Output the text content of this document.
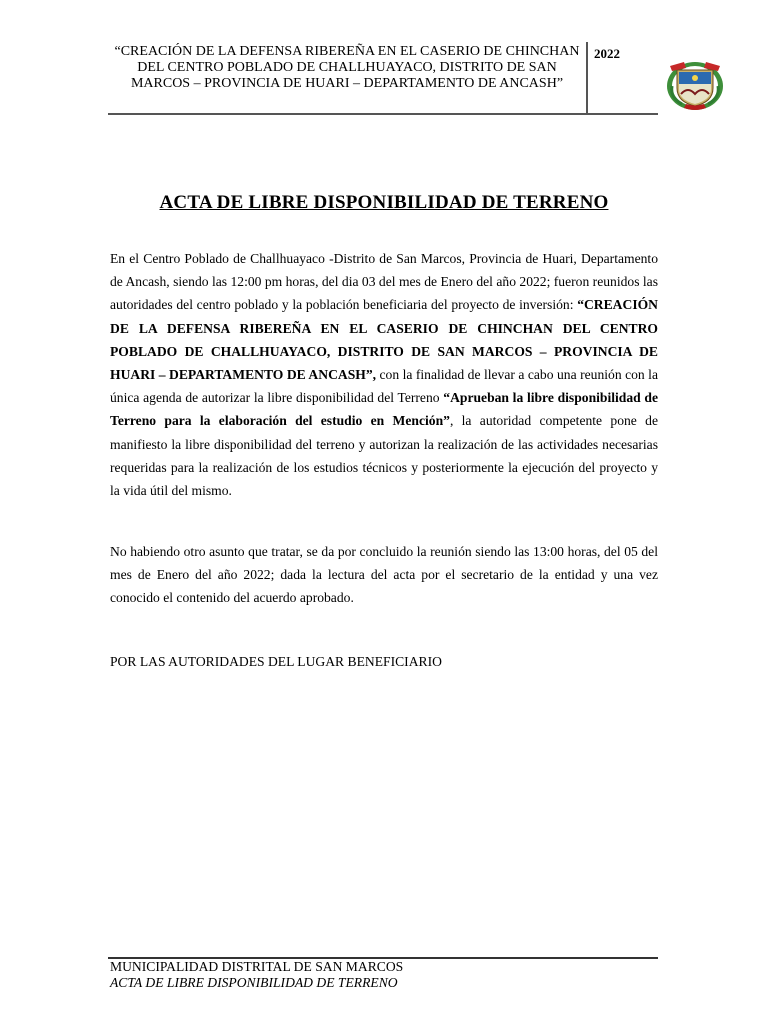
“CREACIÓN DE LA DEFENSA RIBEREÑA EN EL CASERIO DE CHINCHAN DEL CENTRO POBLADO DE CHALLHUAYACO, DISTRITO DE SAN MARCOS – PROVINCIA DE HUARI – DEPARTAMENTO DE ANCASH”
2022
ACTA DE LIBRE DISPONIBILIDAD DE TERRENO
En el Centro Poblado de Challhuayaco -Distrito de San Marcos, Provincia de Huari, Departamento de Ancash, siendo las 12:00 pm horas, del dia 03 del mes de Enero del año 2022; fueron reunidos las autoridades del centro poblado y la población beneficiaria del proyecto de inversión: “CREACIÓN DE LA DEFENSA RIBEREÑA EN EL CASERIO DE CHINCHAN DEL CENTRO POBLADO DE CHALLHUAYACO, DISTRITO DE SAN MARCOS – PROVINCIA DE HUARI – DEPARTAMENTO DE ANCASH”, con la finalidad de llevar a cabo una reunión con la única agenda de autorizar la libre disponibilidad del Terreno “Aprueban la libre disponibilidad de Terreno para la elaboración del estudio en Mención”, la autoridad competente pone de manifiesto la libre disponibilidad del terreno y autorizan la realización de las actividades necesarias requeridas para la realización de los estudios técnicos y posteriormente la ejecución del proyecto y la vida útil del mismo.
No habiendo otro asunto que tratar, se da por concluido la reunión siendo las 13:00 horas, del 05 del mes de Enero del año 2022; dada la lectura del acta por el secretario de la entidad y una vez conocido el contenido del acuerdo aprobado.
POR LAS AUTORIDADES DEL LUGAR BENEFICIARIO
MUNICIPALIDAD DISTRITAL DE SAN MARCOS
ACTA DE LIBRE DISPONIBILIDAD DE TERRENO
